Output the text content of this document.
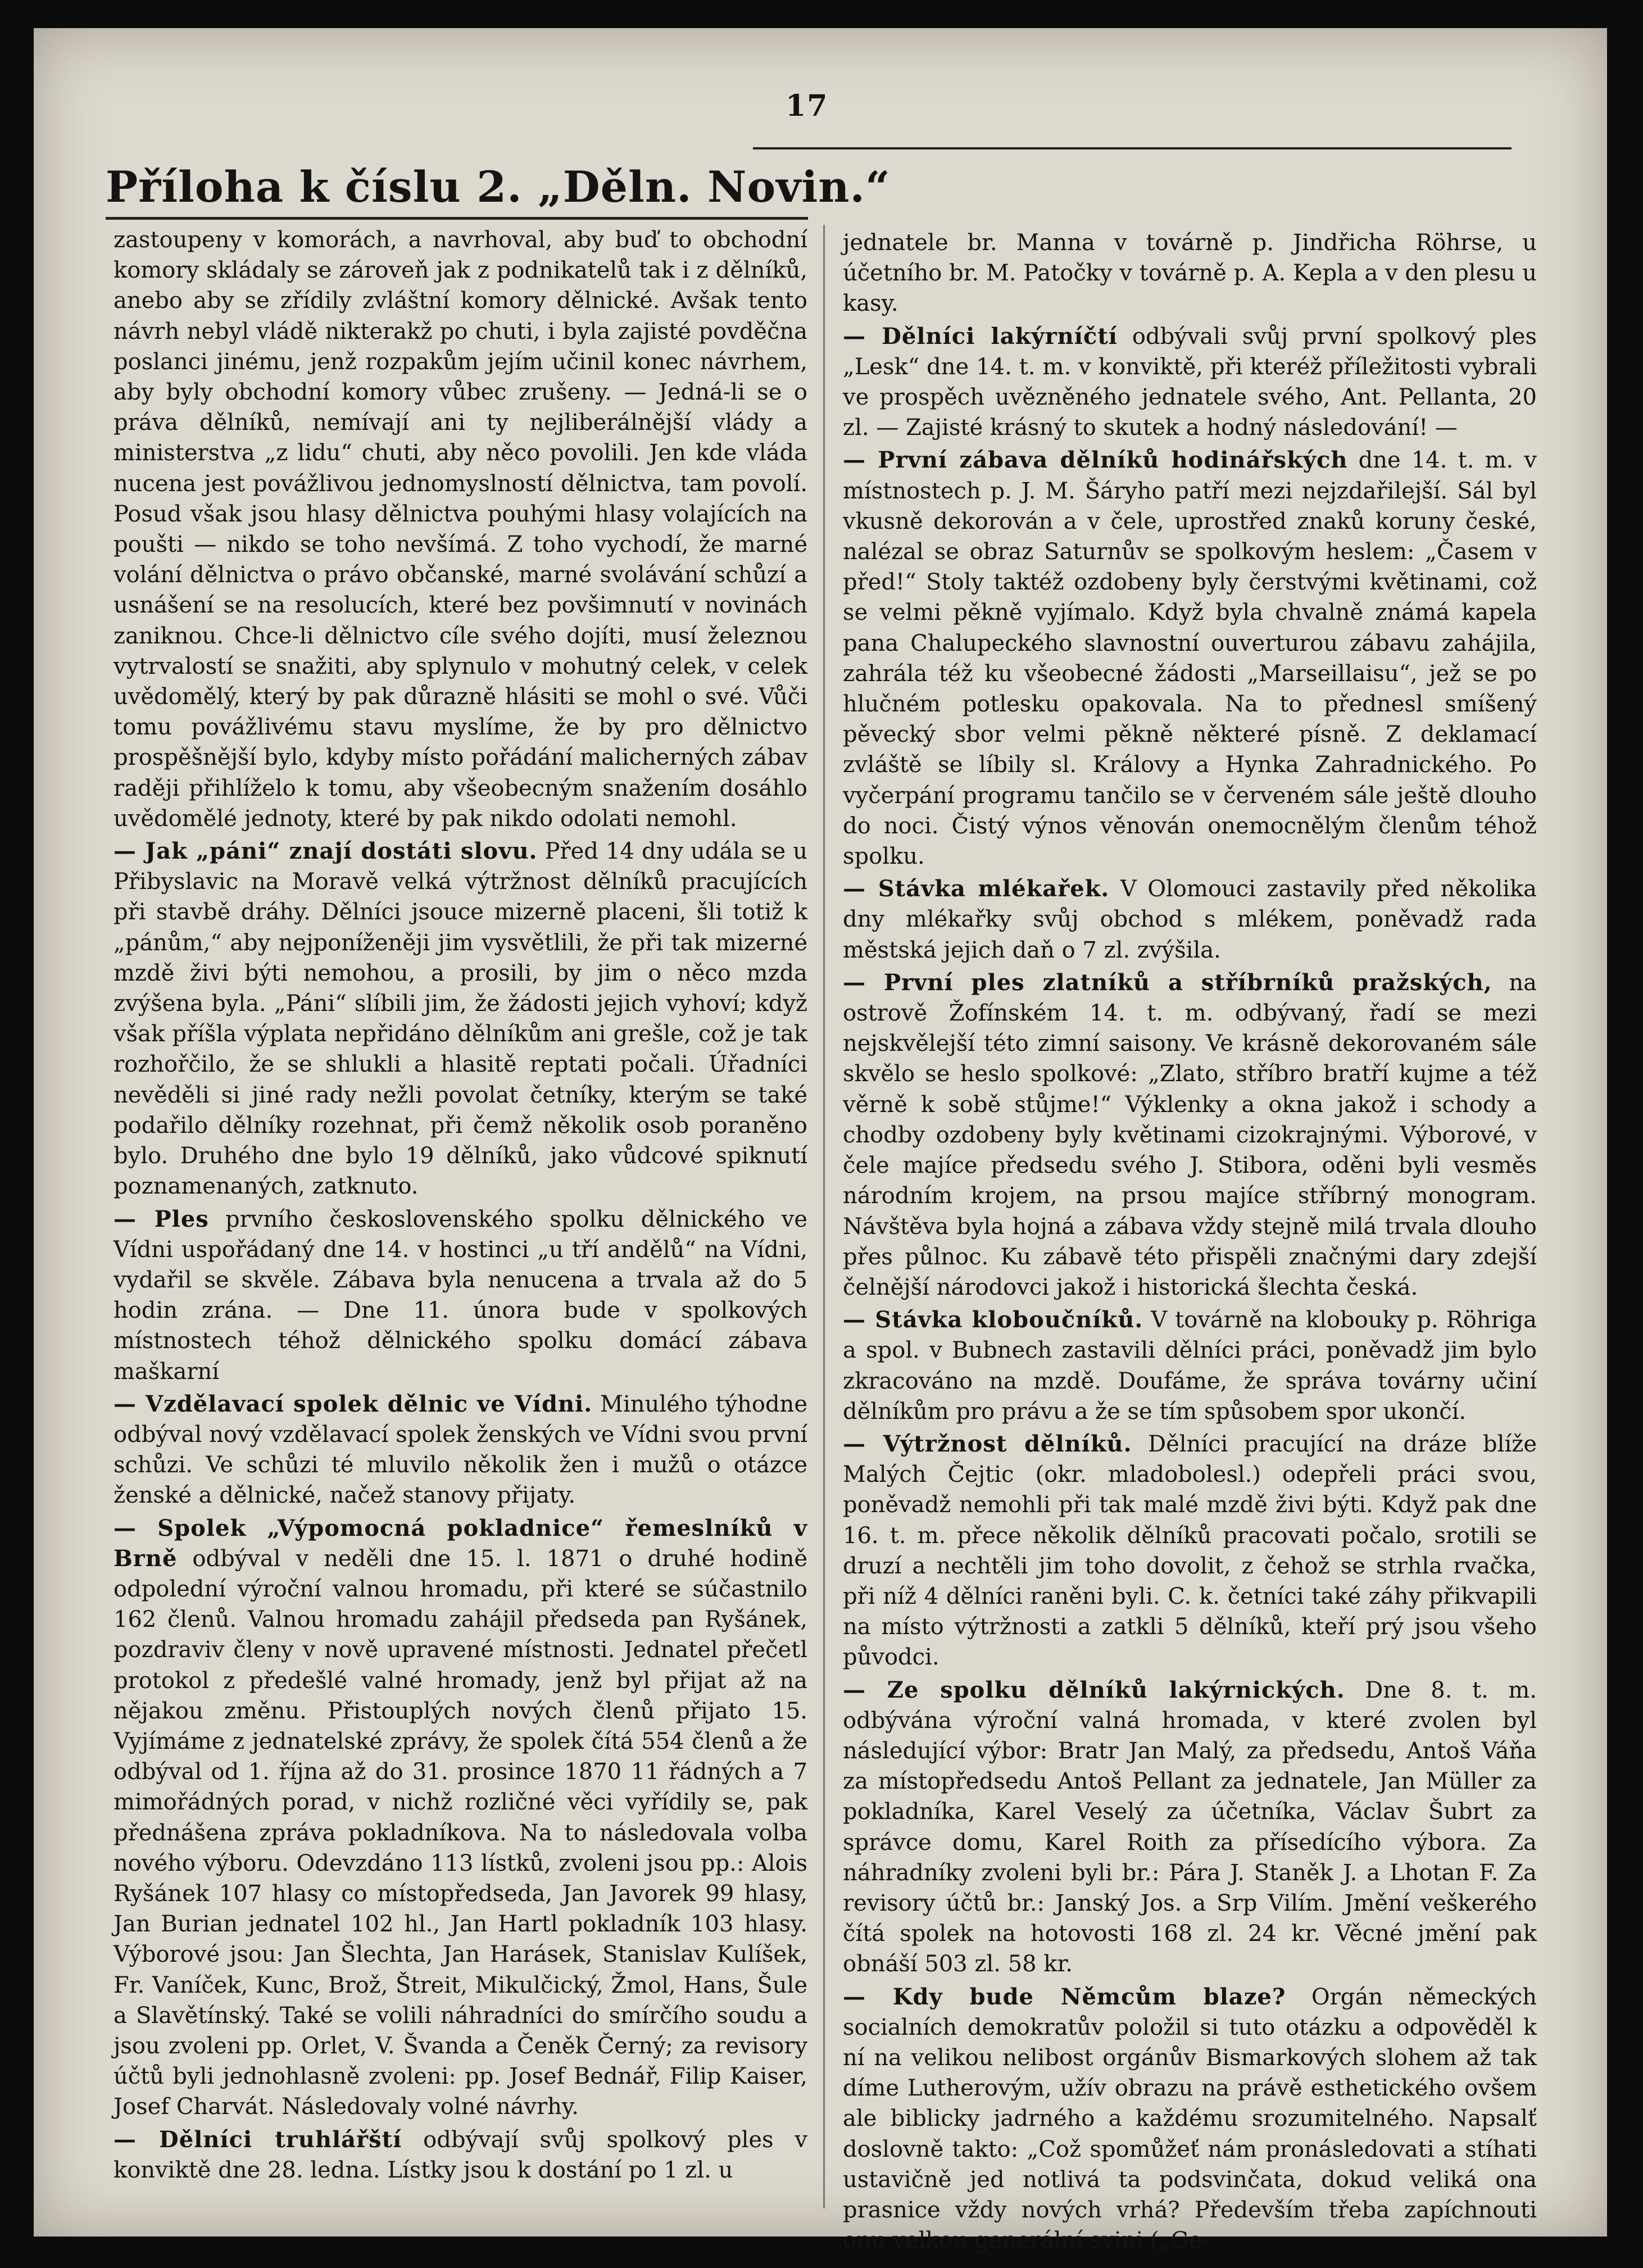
17
Příloha k číslu 2. „Děln. Novin.“

zastoupeny v komorách, a navrhoval, aby buď to obchodní komory skládaly se zároveň jak z podnikatelů tak i z dělníků, anebo aby se zřídily zvláštní komory dělnické. Avšak tento návrh nebyl vládě nikterakž po chuti, i byla zajisté povděčna poslanci jinému, jenž rozpakům jejím učinil konec návrhem, aby byly obchodní komory vůbec zrušeny. — Jedná-li se o práva dělníků, nemívají ani ty nejliberálnější vlády a ministerstva „z lidu“ chuti, aby něco povolili. Jen kde vláda nucena jest povážlivou jednomyslností dělnictva, tam povolí. Posud však jsou hlasy dělnictva pouhými hlasy volajících na poušti — nikdo se toho nevšímá. Z toho vychodí, že marné volání dělnictva o právo občanské, marné svolávání schůzí a usnášení se na resolucích, které bez povšimnutí v novinách zaniknou. Chce-li dělnictvo cíle svého dojíti, musí železnou vytrvalostí se snažiti, aby splynulo v mohutný celek, v celek uvědomělý, který by pak důrazně hlásiti se mohl o své. Vůči tomu povážlivému stavu myslíme, že by pro dělnictvo prospěšnější bylo, kdyby místo pořádání malicherných zábav raději přihlíželo k tomu, aby všeobecným snažením dosáhlo uvědomělé jednoty, které by pak nikdo odolati nemohl.

— Jak „páni“ znají dostáti slovu. Před 14 dny udála se u Přibyslavic na Moravě velká výtržnost dělníků pracujících při stavbě dráhy. Dělníci jsouce mizerně placeni, šli totiž k „pánům,“ aby nejponíženěji jim vysvětlili, že při tak mizerné mzdě živi býti nemohou, a prosili, by jim o něco mzda zvýšena byla. „Páni“ slíbili jim, že žádosti jejich vyhoví; když však příšla výplata nepřidáno dělníkům ani grešle, což je tak rozhořčilo, že se shlukli a hlasitě reptati počali. Úřadníci nevěděli si jiné rady nežli povolat četníky, kterým se také podařilo dělníky rozehnat, při čemž několik osob poraněno bylo. Druhého dne bylo 19 dělníků, jako vůdcové spiknutí poznamenaných, zatknuto.

— Ples prvního československého spolku dělnického ve Vídni uspořádaný dne 14. v hostinci „u tří andělů“ na Vídni, vydařil se skvěle. Zábava byla nenucena a trvala až do 5 hodin zrána. — Dne 11. února bude v spolkových místnostech téhož dělnického spolku domácí zábava maškarní

— Vzdělavací spolek dělnic ve Vídni. Minulého týhodne odbýval nový vzdělavací spolek ženských ve Vídni svou první schůzi. Ve schůzi té mluvilo několik žen i mužů o otázce ženské a dělnické, načež stanovy přijaty.

— Spolek „Výpomocná pokladnice“ řemeslníků v Brně odbýval v neděli dne 15. l. 1871 o druhé hodině odpolední výroční valnou hromadu, při které se súčastnilo 162 členů. Valnou hromadu zahájil předseda pan Ryšánek, pozdraviv členy v nově upravené místnosti. Jednatel přečetl protokol z předešlé valné hromady, jenž byl přijat až na nějakou změnu. Přistouplých nových členů přijato 15. Vyjímáme z jednatelské zprávy, že spolek čítá 554 členů a že odbýval od 1. října až do 31. prosince 1870 11 řádných a 7 mimořádných porad, v nichž rozličné věci vyřídily se, pak přednášena zpráva pokladníkova. Na to následovala volba nového výboru. Odevzdáno 113 lístků, zvoleni jsou pp.: Alois Ryšánek 107 hlasy co místopředseda, Jan Javorek 99 hlasy, Jan Burian jednatel 102 hl., Jan Hartl pokladník 103 hlasy. Výborové jsou: Jan Šlechta, Jan Harásek, Stanislav Kulíšek, Fr. Vaníček, Kunc, Brož, Štreit, Mikulčický, Žmol, Hans, Šule a Slavětínský. Také se volili náhradníci do smírčího soudu a jsou zvoleni pp. Orlet, V. Švanda a Čeněk Černý; za revisory účtů byli jednohlasně zvoleni: pp. Josef Bednář, Filip Kaiser, Josef Charvát. Následovaly volné návrhy.

— Dělníci truhlářští odbývají svůj spolkový ples v konviktě dne 28. ledna. Lístky jsou k dostání po 1 zl. u

jednatele br. Manna v továrně p. Jindřicha Röhrse, u účetního br. M. Patočky v továrně p. A. Keplа a v den plesu u kasy.

— Dělníci lakýrníčtí odbývali svůj první spolkový ples „Lesk“ dne 14. t. m. v konviktě, při kteréž příležitosti vybrali ve prospěch uvězněného jednatele svého, Ant. Pellanta, 20 zl. — Zajisté krásný to skutek a hodný následování! —

— První zábava dělníků hodinářských dne 14. t. m. v místnostech p. J. M. Šáryho patří mezi nejzdařilejší. Sál byl vkusně dekorován a v čele, uprostřed znaků koruny české, nalézal se obraz Saturnův se spolkovým heslem: „Časem v před!“ Stoly taktéž ozdobeny byly čerstvými květinami, což se velmi pěkně vyjímalo. Když byla chvalně známá kapela pana Chalupeckého slavnostní ouverturou zábavu zahájila, zahrála též ku všeobecné žádosti „Marseillaisu“, jež se po hlučném potlesku opakovala. Na to přednesl smíšený pěvecký sbor velmi pěkně některé písně. Z deklamací zvláště se líbily sl. Královy a Hynka Zahradnického. Po vyčerpání programu tančilo se v červeném sále ještě dlouho do noci. Čistý výnos věnován onemocnělým členům téhož spolku.

— Stávka mlékařek. V Olomouci zastavily před několika dny mlékařky svůj obchod s mlékem, poněvadž rada městská jejich daň o 7 zl. zvýšila.

— První ples zlatníků a stříbrníků pražských, na ostrově Žofínském 14. t. m. odbývaný, řadí se mezi nejskvělejší této zimní saisony. Ve krásně dekorovaném sále skvělo se heslo spolkové: „Zlato, stříbro bratří kujme a též věrně k sobě stůjme!“ Výklenky a okna jakož i schody a chodby ozdobeny byly květinami cizokrajnými. Výborové, v čele majíce předsedu svého J. Stibora, oděni byli vesměs národním krojem, na prsou majíce stříbrný monogram. Návštěva byla hojná a zábava vždy stejně milá trvala dlouho přes půlnoc. Ku zábavě této přispěli značnými dary zdejší čelnější národovci jakož i historická šlechta česká.

— Stávka kloboučníků. V továrně na klobouky p. Röhriga a spol. v Bubnech zastavili dělníci práci, poněvadž jim bylo zkracováno na mzdě. Doufáme, že správa továrny učiní dělníkům pro právu a že se tím spůsobem spor ukončí.

— Výtržnost dělníků. Dělníci pracující na dráze blíže Malých Čejtic (okr. mladobolesl.) odepřeli práci svou, poněvadž nemohli při tak malé mzdě živi býti. Když pak dne 16. t. m. přece několik dělníků pracovati počalo, srotili se druzí a nechtěli jim toho dovolit, z čehož se strhla rvačka, při níž 4 dělníci raněni byli. C. k. četníci také záhy přikvapili na místo výtržnosti a zatkli 5 dělníků, kteří prý jsou všeho původci.

— Ze spolku dělníků lakýrnických. Dne 8. t. m. odbývána výroční valná hromada, v které zvolen byl následující výbor: Bratr Jan Malý, za předsedu, Antoš Váňa za místopředsedu Antoš Pellant za jednatele, Jan Müller za pokladníka, Karel Veselý za účetníka, Václav Šubrt za správce domu, Karel Roith za přísedícího výbora. Za náhradníky zvoleni byli br.: Pára J. Staněk J. a Lhotan F. Za revisory účtů br.: Janský Jos. a Srp Vilím. Jmění veškerého čítá spolek na hotovosti 168 zl. 24 kr. Věcné jmění pak obnáší 503 zl. 58 kr.

— Kdy bude Němcům blaze? Orgán německých socialních demokratův položil si tuto otázku a odpověděl k ní na velikou nelibost orgánův Bismarkových slohem až tak díme Lutherovým, užív obrazu na právě esthetického ovšem ale biblicky jadrného a každému srozumitelného. Napsalť doslovně takto: „Což spomůžeť nám pronásledovati a stíhati ustavičně jed notlivá ta podsvinčata, dokud veliká ona prasnice vždy nových vrhá? Především třeba zapíchnouti onu velkou generální svini („Ge-
